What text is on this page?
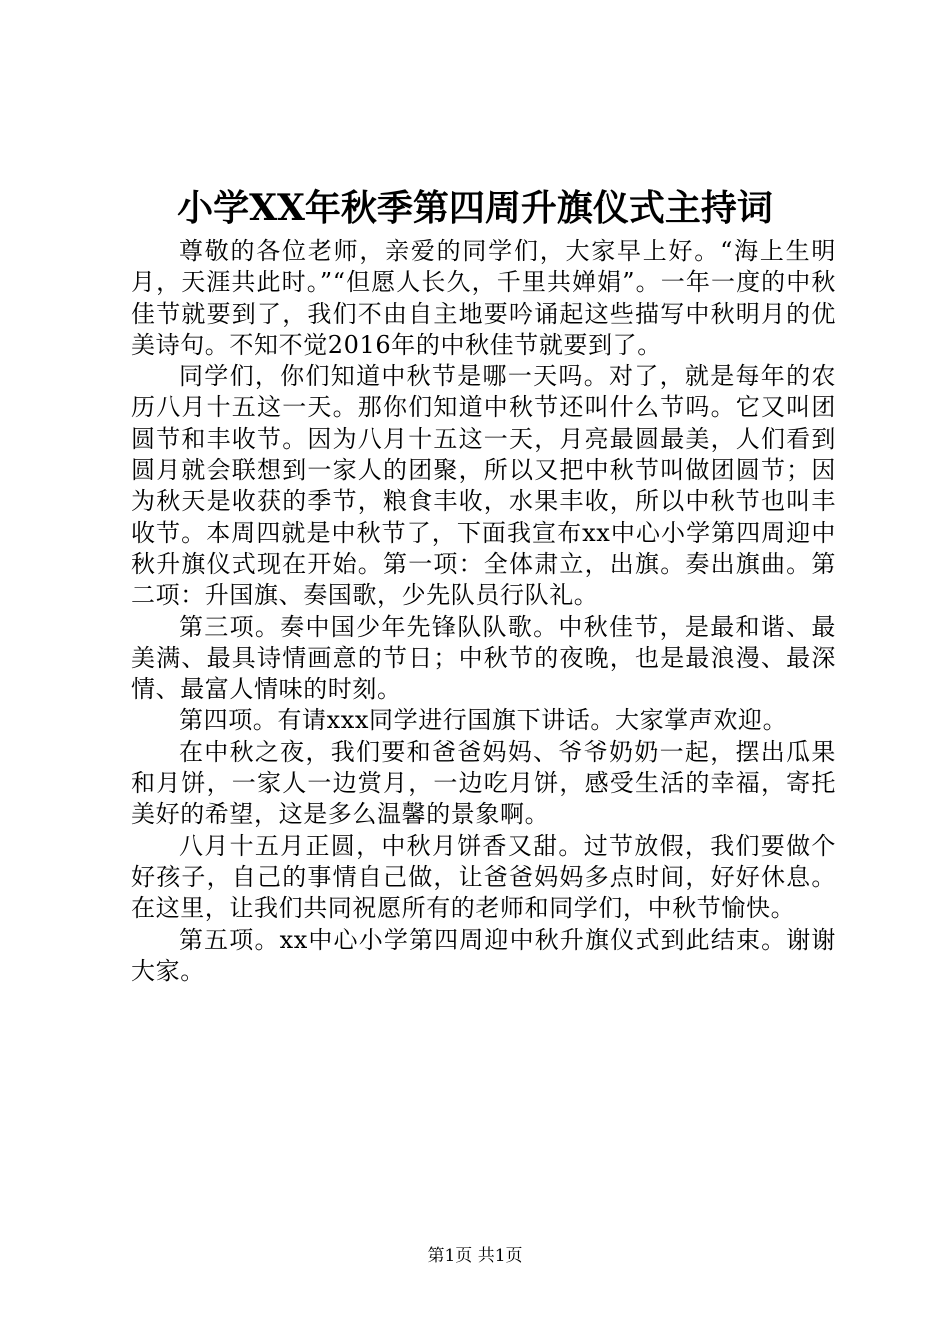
小学XX年秋季第四周升旗仪式主持词

尊敬的各位老师，亲爱的同学们，大家早上好。“海上生明月，天涯共此时。”“但愿人长久，千里共婵娟”。一年一度的中秋佳节就要到了，我们不由自主地要吟诵起这些描写中秋明月的优美诗句。不知不觉2016年的中秋佳节就要到了。

同学们，你们知道中秋节是哪一天吗。对了，就是每年的农历八月十五这一天。那你们知道中秋节还叫什么节吗。它又叫团圆节和丰收节。因为八月十五这一天，月亮最圆最美，人们看到圆月就会联想到一家人的团聚，所以又把中秋节叫做团圆节；因为秋天是收获的季节，粮食丰收，水果丰收，所以中秋节也叫丰收节。本周四就是中秋节了，下面我宣布xx中心小学第四周迎中秋升旗仪式现在开始。第一项：全体肃立，出旗。奏出旗曲。第二项：升国旗、奏国歌，少先队员行队礼。

第三项。奏中国少年先锋队队歌。中秋佳节，是最和谐、最美满、最具诗情画意的节日；中秋节的夜晚，也是最浪漫、最深情、最富人情味的时刻。

第四项。有请xxx同学进行国旗下讲话。大家掌声欢迎。

在中秋之夜，我们要和爸爸妈妈、爷爷奶奶一起，摆出瓜果和月饼，一家人一边赏月，一边吃月饼，感受生活的幸福，寄托美好的希望，这是多么温馨的景象啊。

八月十五月正圆，中秋月饼香又甜。过节放假，我们要做个好孩子，自己的事情自己做，让爸爸妈妈多点时间，好好休息。在这里，让我们共同祝愿所有的老师和同学们，中秋节愉快。

第五项。xx中心小学第四周迎中秋升旗仪式到此结束。谢谢大家。

第1页 共1页
